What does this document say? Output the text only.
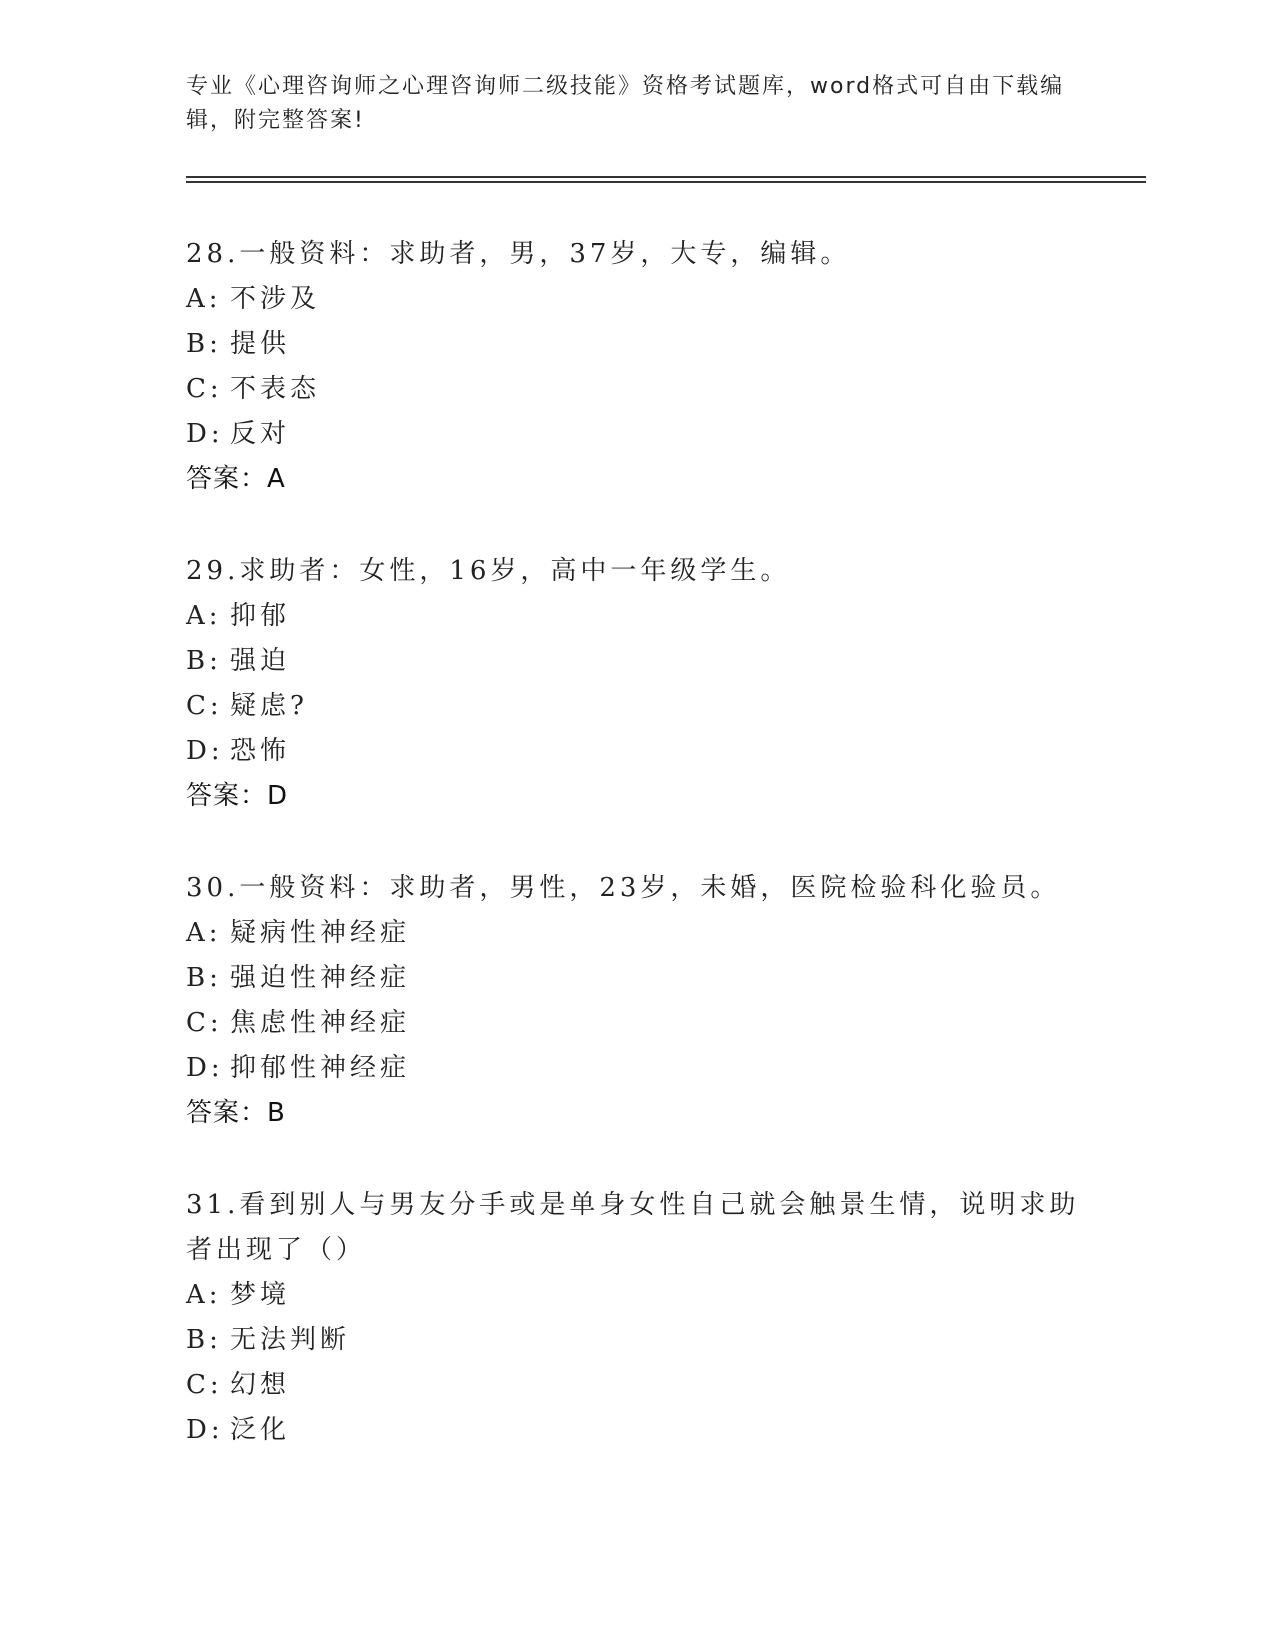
专业《心理咨询师之心理咨询师二级技能》资格考试题库，word格式可自由下载编辑，附完整答案!
28.一般资料：求助者，男，37岁，大专，编辑。
A: 不涉及
B: 提供
C: 不表态
D: 反对
答案：A
29.求助者：女性，16岁，高中一年级学生。
A: 抑郁
B: 强迫
C: 疑虑?
D: 恐怖
答案：D
30.一般资料：求助者，男性，23岁，未婚，医院检验科化验员。
A: 疑病性神经症
B: 强迫性神经症
C: 焦虑性神经症
D: 抑郁性神经症
答案：B
31.看到别人与男友分手或是单身女性自己就会触景生情，说明求助者出现了（）
A: 梦境
B: 无法判断
C: 幻想
D: 泛化
